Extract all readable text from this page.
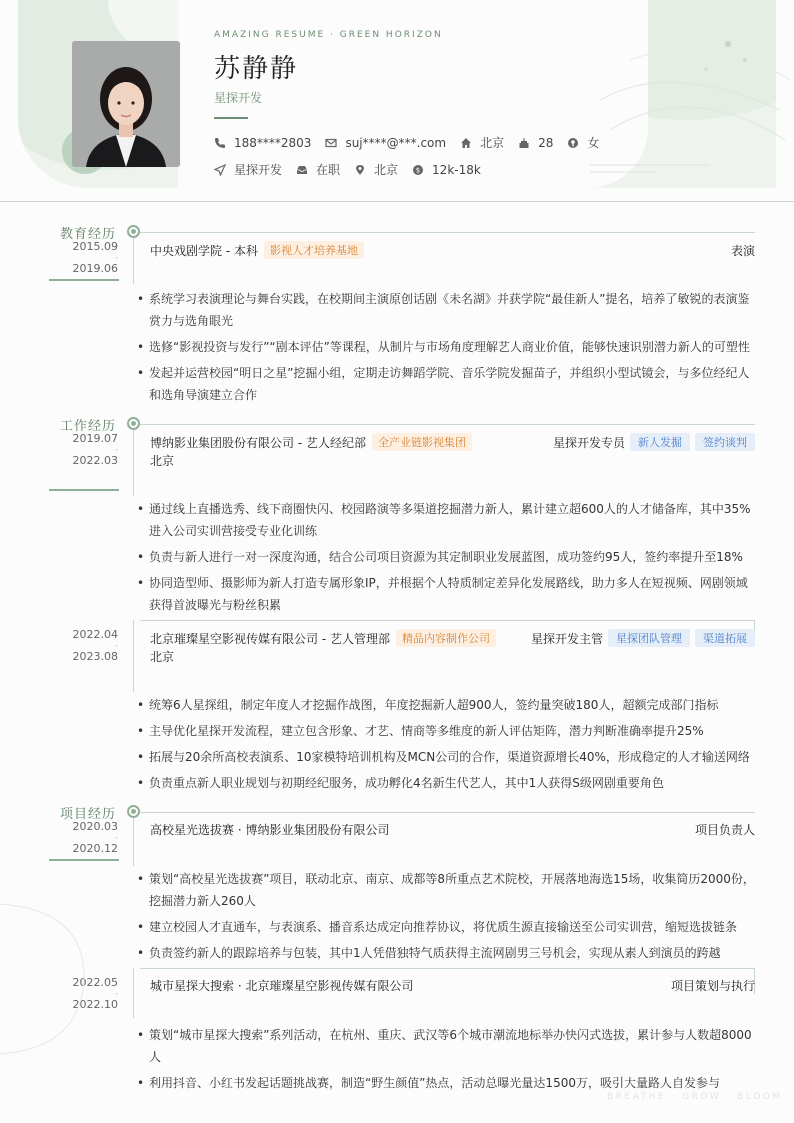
AMAZING RESUME · GREEN HORIZON
苏静静
星探开发
188****2803	suj****@***.com	北京	28	女
星探开发	在职	北京	$ 12k-18k
教育经历
2015.09
-
2019.06
中央戏剧学院 - 本科	影视人才培养基地	表演
• 系统学习表演理论与舞台实践，在校期间主演原创话剧《未名湖》并获学院“最佳新人”提名，培养了敏锐的表演鉴赏力与选角眼光
• 选修“影视投资与发行”“剧本评估”等课程，从制片与市场角度理解艺人商业价值，能够快速识别潜力新人的可塑性
• 发起并运营校园“明日之星”挖掘小组，定期走访舞蹈学院、音乐学院发掘苗子，并组织小型试镜会，与多位经纪人和选角导演建立合作
工作经历
2019.07
-
2022.03
博纳影业集团股份有限公司 - 艺人经纪部	全产业链影视集团	星探开发专员	新人发掘	签约谈判
北京
• 通过线上直播选秀、线下商圈快闪、校园路演等多渠道挖掘潜力新人，累计建立超600人的人才储备库，其中35%进入公司实训营接受专业化训练
• 负责与新人进行一对一深度沟通，结合公司项目资源为其定制职业发展蓝图，成功签约95人，签约率提升至18%
• 协同造型师、摄影师为新人打造专属形象IP，并根据个人特质制定差异化发展路线，助力多人在短视频、网剧领域获得首波曝光与粉丝积累
2022.04
-
2023.08
北京璀璨星空影视传媒有限公司 - 艺人管理部	精品内容制作公司	星探开发主管	星探团队管理	渠道拓展
北京
• 统筹6人星探组，制定年度人才挖掘作战图，年度挖掘新人超900人，签约量突破180人，超额完成部门指标
• 主导优化星探开发流程，建立包含形象、才艺、情商等多维度的新人评估矩阵，潜力判断准确率提升25%
• 拓展与20余所高校表演系、10家模特培训机构及MCN公司的合作，渠道资源增长40%，形成稳定的人才输送网络
• 负责重点新人职业规划与初期经纪服务，成功孵化4名新生代艺人，其中1人获得S级网剧重要角色
项目经历
2020.03
-
2020.12
高校星光选拔赛 · 博纳影业集团股份有限公司	项目负责人
• 策划“高校星光选拔赛”项目，联动北京、南京、成都等8所重点艺术院校，开展落地海选15场，收集简历2000份，挖掘潜力新人260人
• 建立校园人才直通车，与表演系、播音系达成定向推荐协议，将优质生源直接输送至公司实训营，缩短选拔链条
• 负责签约新人的跟踪培养与包装，其中1人凭借独特气质获得主流网剧男三号机会，实现从素人到演员的跨越
2022.05
-
2022.10
城市星探大搜索 · 北京璀璨星空影视传媒有限公司	项目策划与执行
• 策划“城市星探大搜索”系列活动，在杭州、重庆、武汉等6个城市潮流地标举办快闪式选拔，累计参与人数超8000人
• 利用抖音、小红书发起话题挑战赛，制造“野生颜值”热点，活动总曝光量达1500万，吸引大量路人自发参与
BREATHE · GROW · BLOOM
